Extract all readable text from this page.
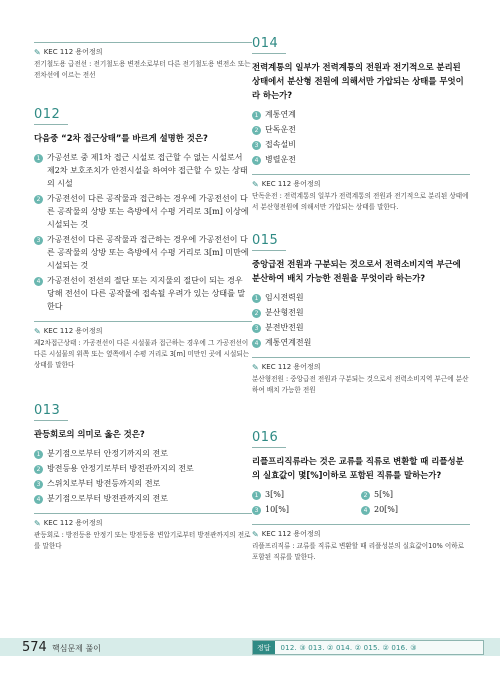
✎ KEC 112 용어정의
전기철도용 급전선 : 전기철도용 변전소로부터 다른 전기철도용 변전소 또는 전차선에 이르는 전선
012
다음중 “2차 접근상태”를 바르게 설명한 것은?
1 가공선로 중 제1차 접근 시설로 접근할 수 없는 시설로서 제2차 보호조치가 안전시설을 하여야 접근할 수 있는 상태의 시설
2 가공전선이 다른 공작물과 접근하는 경우에 가공전선이 다른 공작물의 상방 또는 측방에서 수평 거리로 3[m] 이상에 시설되는 것
3 가공전선이 다른 공작물과 접근하는 경우에 가공전선이 다른 공작물의 상방 또는 측방에서 수평 거리로 3[m] 미만에 시설되는 것
4 가공전선이 전선의 절단 또는 지지물의 절단이 되는 경우 당해 전선이 다른 공작물에 접속될 우려가 있는 상태를 말한다
✎ KEC 112 용어정의
제2차접근상태 : 가공전선이 다른 시설물과 접근하는 경우에 그 가공전선이 다른 시설물의 위쪽 또는 옆쪽에서 수평 거리로 3[m] 미만인 곳에 시설되는 상태를 말한다
013
관등회로의 의미로 옳은 것은?
1 분기점으로부터 안정기까지의 전로
2 방전등용 안정기로부터 방전관까지의 전로
3 스위치로부터 방전등까지의 전로
4 분기점으로부터 방전관까지의 전로
✎ KEC 112 용어정의
관등회로 : 방전등용 안정기 또는 방전등용 변압기로부터 방전관까지의 전로를 말한다
014
전력계통의 일부가 전력계통의 전원과 전기적으로 분리된 상태에서 분산형 전원에 의해서만 가압되는 상태를 무엇이라 하는가?
1 계통연계
2 단독운전
3 접속설비
4 병렬운전
✎ KEC 112 용어정의
단독운전 : 전력계통의 일부가 전력계통의 전원과 전기적으로 분리된 상태에서 분산형전원에 의해서만 가압되는 상태를 말한다.
015
중앙급전 전원과 구분되는 것으로서 전력소비지역 부근에 분산하여 배치 가능한 전원을 무엇이라 하는가?
1 임시전력원
2 분산형전원
3 분전반전원
4 계통연계전원
✎ KEC 112 용어정의
분산형전원 : 중앙급전 전원과 구분되는 것으로서 전력소비지역 부근에 분산하여 배치 가능한 전원
016
리플프리직류라는 것은 교류를 직류로 변환할 때 리플성분의 실효값이 몇[%]이하로 포함된 직류를 말하는가?
1 3[%]	2 5[%]
3 10[%]	4 20[%]
✎ KEC 112 용어정의
리플프리직류 : 교류를 직류로 변환할 때 리플성분의 실효값이10% 이하로 포함된 직류를 말한다.
574 핵심문제 풀이	정답	012. ③ 013. ② 014. ② 015. ② 016. ③
